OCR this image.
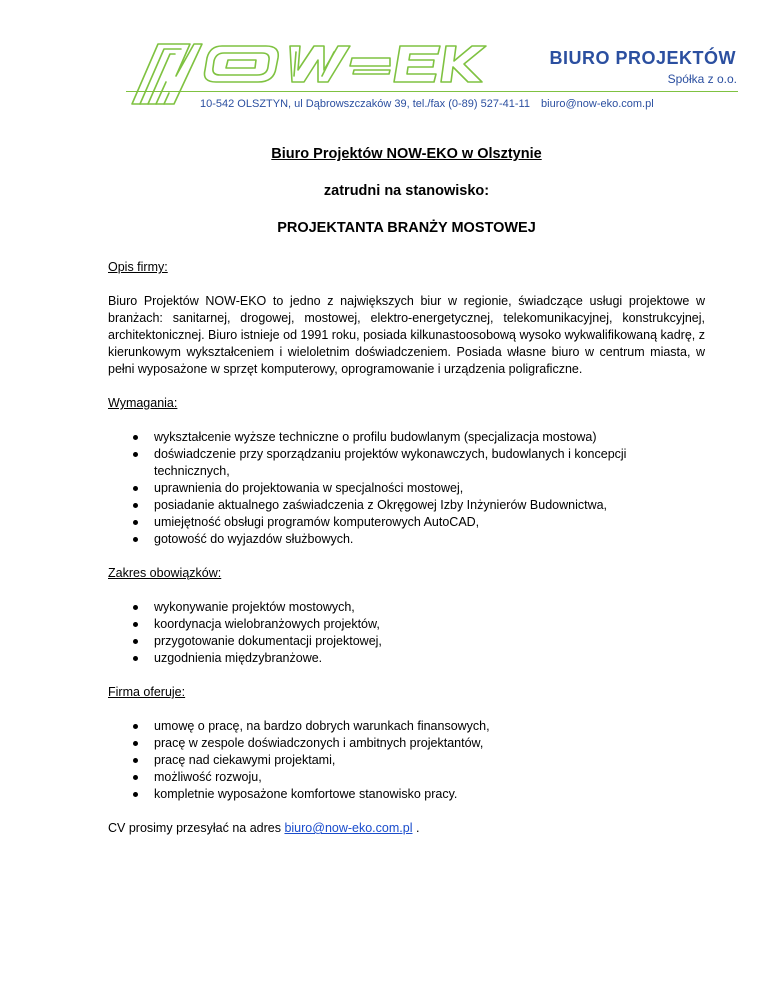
BIURO PROJEKTÓW

Spółka z o.o.

10-542 OLSZTYN, ul Dąbrowszczaków 39, tel./fax (0-89) 527-41-11 biuro@now-eko.com.pl

Biuro Projektów NOW-EKO w Olsztynie

zatrudni na stanowisko:

PROJEKTANTA BRANŻY MOSTOWEJ

Opis firmy:

Biuro Projektów NOW-EKO to jedno z największych biur w regionie, świadczące usługi projektowe w branżach: sanitarnej, drogowej, mostowej, elektro-energetycznej, telekomunikacyjnej, konstrukcyjnej, architektonicznej. Biuro istnieje od 1991 roku, posiada kilkunastoosobową wysoko wykwalifikowaną kadrę, z kierunkowym wykształceniem i wieloletnim doświadczeniem. Posiada własne biuro w centrum miasta, w pełni wyposażone w sprzęt komputerowy, oprogramowanie i urządzenia poligraficzne.

Wymagania:

wykształcenie wyższe techniczne o profilu budowlanym (specjalizacja mostowa)
doświadczenie przy sporządzaniu projektów wykonawczych, budowlanych i koncepcji technicznych,
uprawnienia do projektowania w specjalności mostowej,
posiadanie aktualnego zaświadczenia z Okręgowej Izby Inżynierów Budownictwa,
umiejętność obsługi programów komputerowych AutoCAD,
gotowość do wyjazdów służbowych.

Zakres obowiązków:

wykonywanie projektów mostowych,
koordynacja wielobranżowych projektów,
przygotowanie dokumentacji projektowej,
uzgodnienia międzybranżowe.

Firma oferuje:

umowę o pracę, na bardzo dobrych warunkach finansowych,
pracę w zespole doświadczonych i ambitnych projektantów,
pracę nad ciekawymi projektami,
możliwość rozwoju,
kompletnie wyposażone komfortowe stanowisko pracy.

CV prosimy przesyłać na adres biuro@now-eko.com.pl .
